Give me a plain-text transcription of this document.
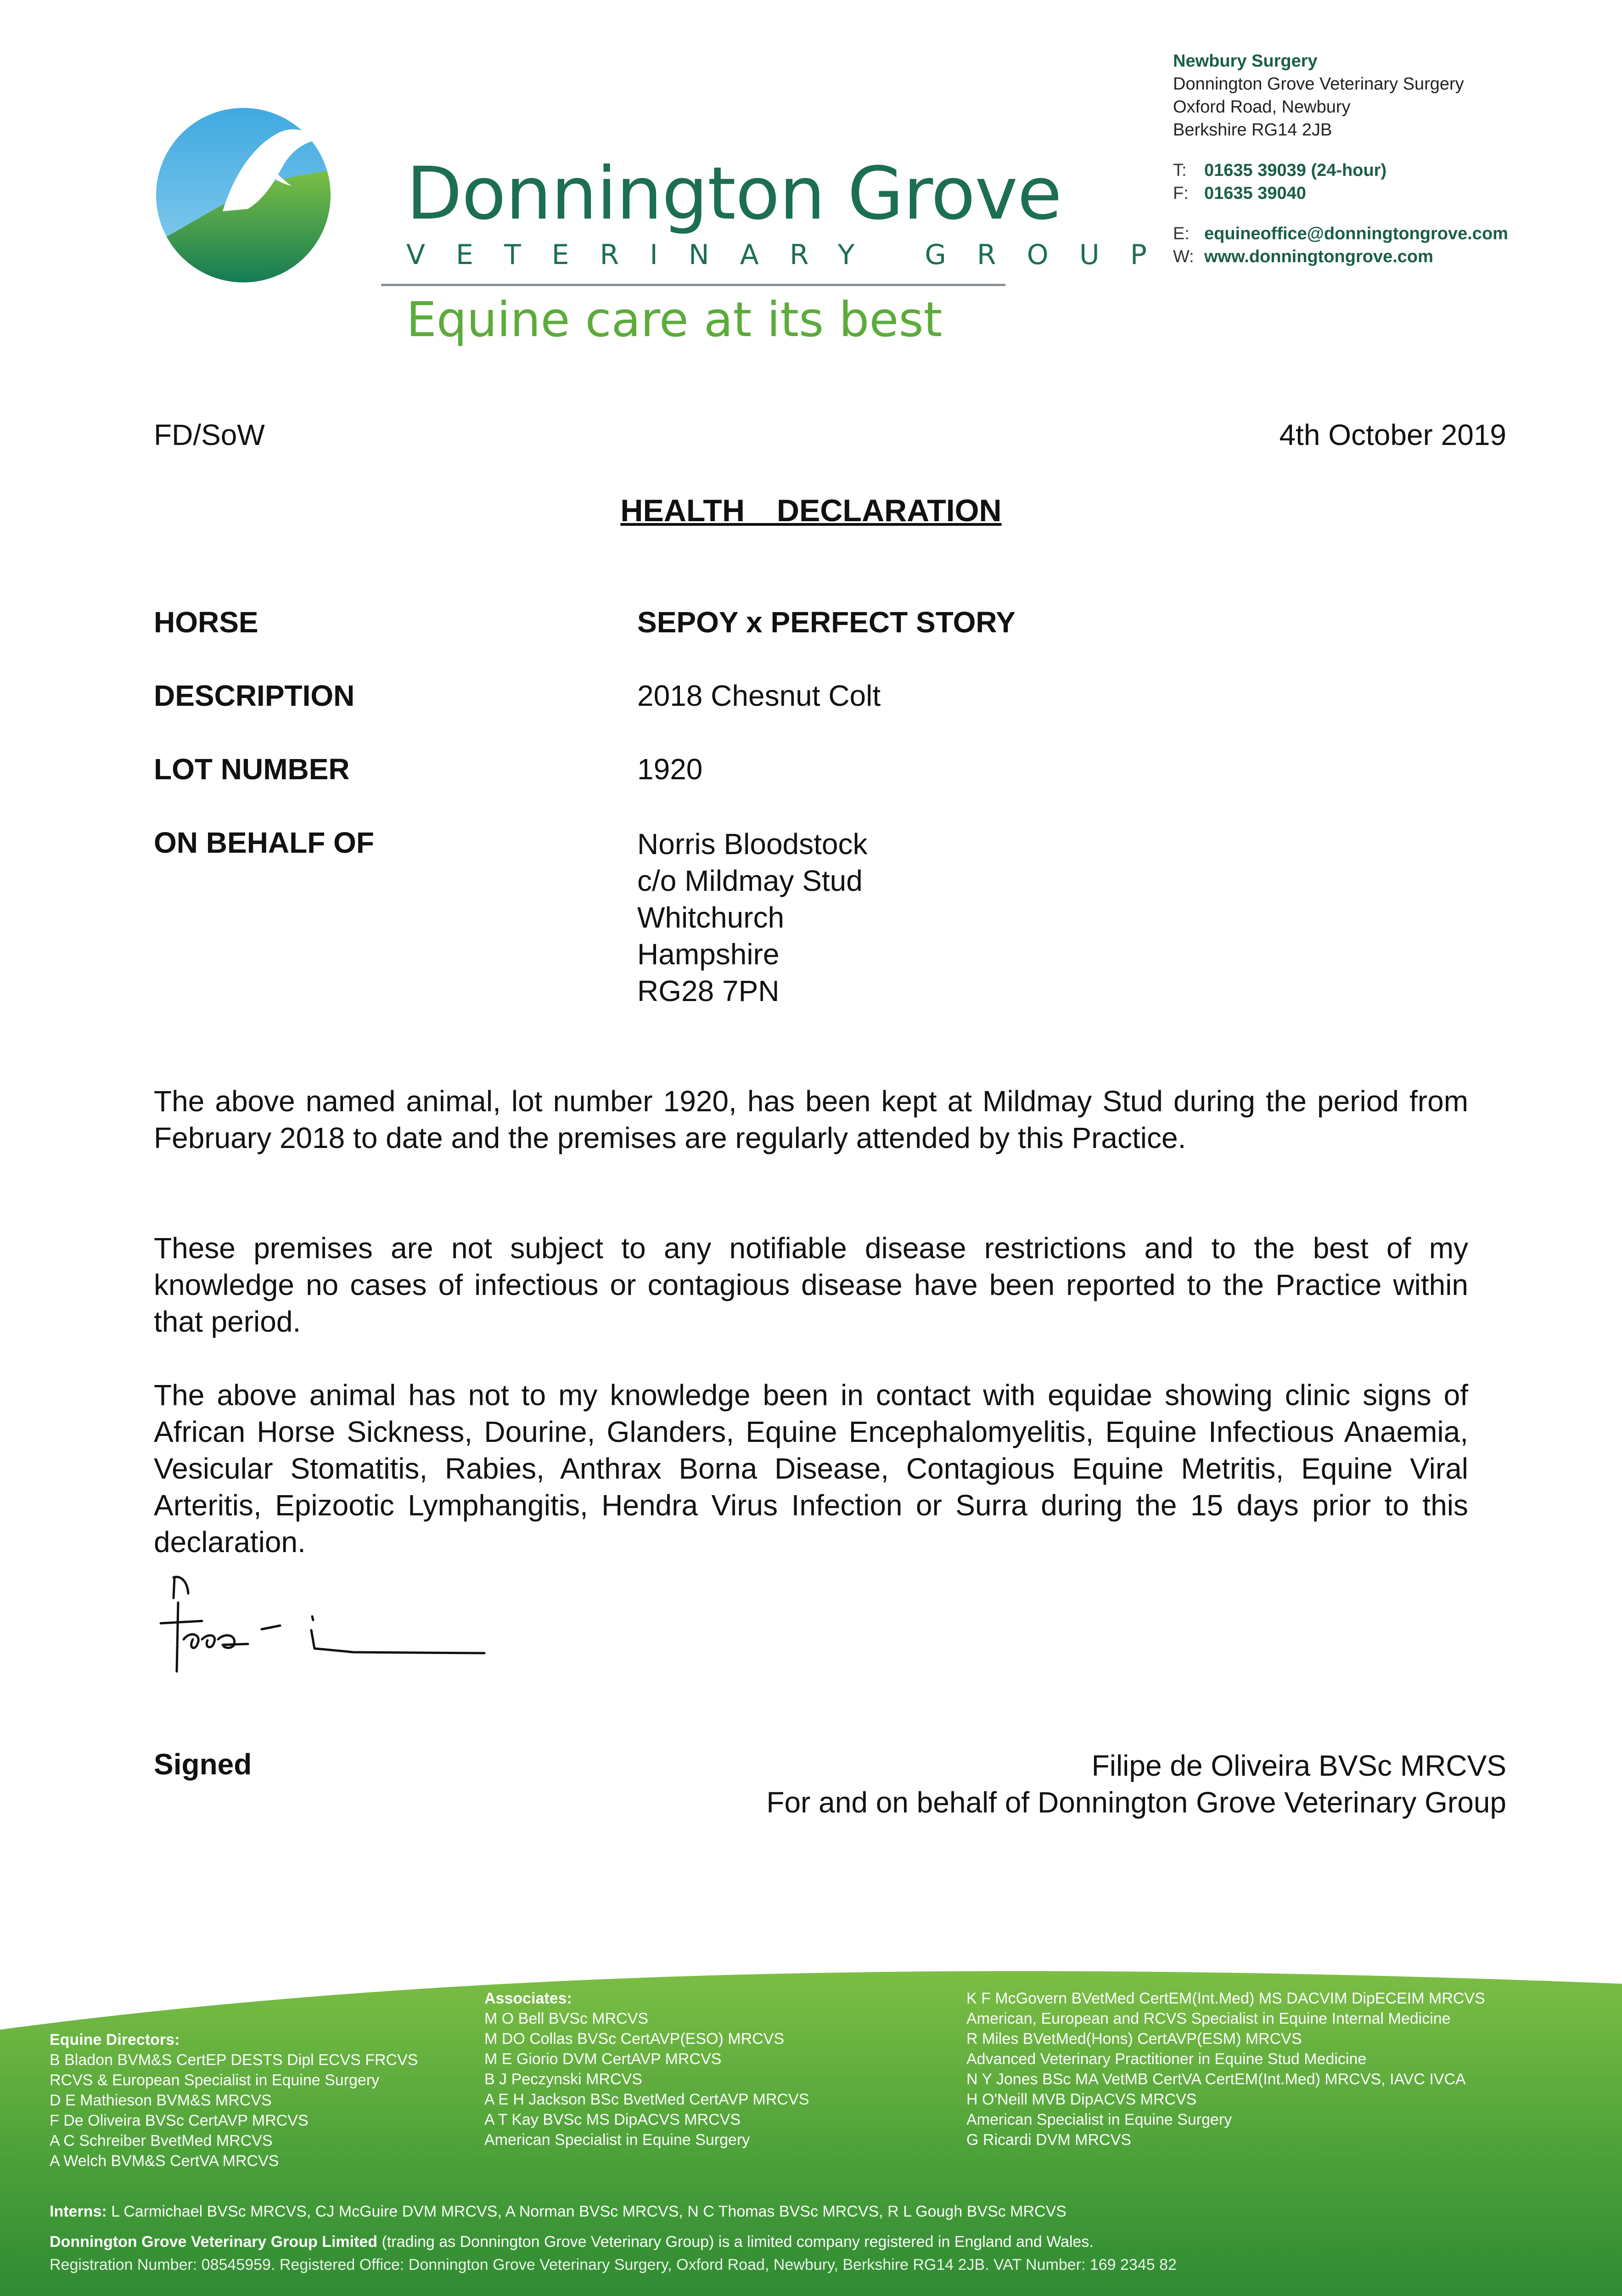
Donnington Grove
VETERINARY GROUP
Equine care at its best
Newbury Surgery
Donnington Grove Veterinary Surgery
Oxford Road, Newbury
Berkshire RG14 2JB
T: 01635 39039 (24-hour)
F: 01635 39040
E: equineoffice@donningtongrove.com
W: www.donningtongrove.com
FD/SoW	4th October 2019
HEALTH  DECLARATION
HORSE	SEPOY x PERFECT STORY
DESCRIPTION	2018 Chesnut Colt
LOT NUMBER	1920
ON BEHALF OF	Norris Bloodstock
c/o Mildmay Stud
Whitchurch
Hampshire
RG28 7PN
The above named animal, lot number 1920, has been kept at Mildmay Stud during the period from February 2018 to date and the premises are regularly attended by this Practice.
These premises are not subject to any notifiable disease restrictions and to the best of my knowledge no cases of infectious or contagious disease have been reported to the Practice within that period.
The above animal has not to my knowledge been in contact with equidae showing clinic signs of African Horse Sickness, Dourine, Glanders, Equine Encephalomyelitis, Equine Infectious Anaemia, Vesicular Stomatitis, Rabies, Anthrax Borna Disease, Contagious Equine Metritis, Equine Viral Arteritis, Epizootic Lymphangitis, Hendra Virus Infection or Surra during the 15 days prior to this declaration.
Signed	Filipe de Oliveira BVSc MRCVS
For and on behalf of Donnington Grove Veterinary Group
Equine Directors:
B Bladon BVM&S CertEP DESTS Dipl ECVS FRCVS
RCVS & European Specialist in Equine Surgery
D E Mathieson BVM&S MRCVS
F De Oliveira BVSc CertAVP MRCVS
A C Schreiber BvetMed MRCVS
A Welch BVM&S CertVA MRCVS
Associates:
M O Bell BVSc MRCVS
M DO Collas BVSc CertAVP(ESO) MRCVS
M E Giorio DVM CertAVP MRCVS
B J Peczynski MRCVS
A E H Jackson BSc BvetMed CertAVP MRCVS
A T Kay BVSc MS DipACVS MRCVS
American Specialist in Equine Surgery
K F McGovern BVetMed CertEM(Int.Med) MS DACVIM DipECEIM MRCVS
American, European and RCVS Specialist in Equine Internal Medicine
R Miles BVetMed(Hons) CertAVP(ESM) MRCVS
Advanced Veterinary Practitioner in Equine Stud Medicine
N Y Jones BSc MA VetMB CertVA CertEM(Int.Med) MRCVS, IAVC IVCA
H O'Neill MVB DipACVS MRCVS
American Specialist in Equine Surgery
G Ricardi DVM MRCVS
Interns: L Carmichael BVSc MRCVS, CJ McGuire DVM MRCVS, A Norman BVSc MRCVS, N C Thomas BVSc MRCVS, R L Gough BVSc MRCVS
Donnington Grove Veterinary Group Limited (trading as Donnington Grove Veterinary Group) is a limited company registered in England and Wales.
Registration Number: 08545959. Registered Office: Donnington Grove Veterinary Surgery, Oxford Road, Newbury, Berkshire RG14 2JB. VAT Number: 169 2345 82
